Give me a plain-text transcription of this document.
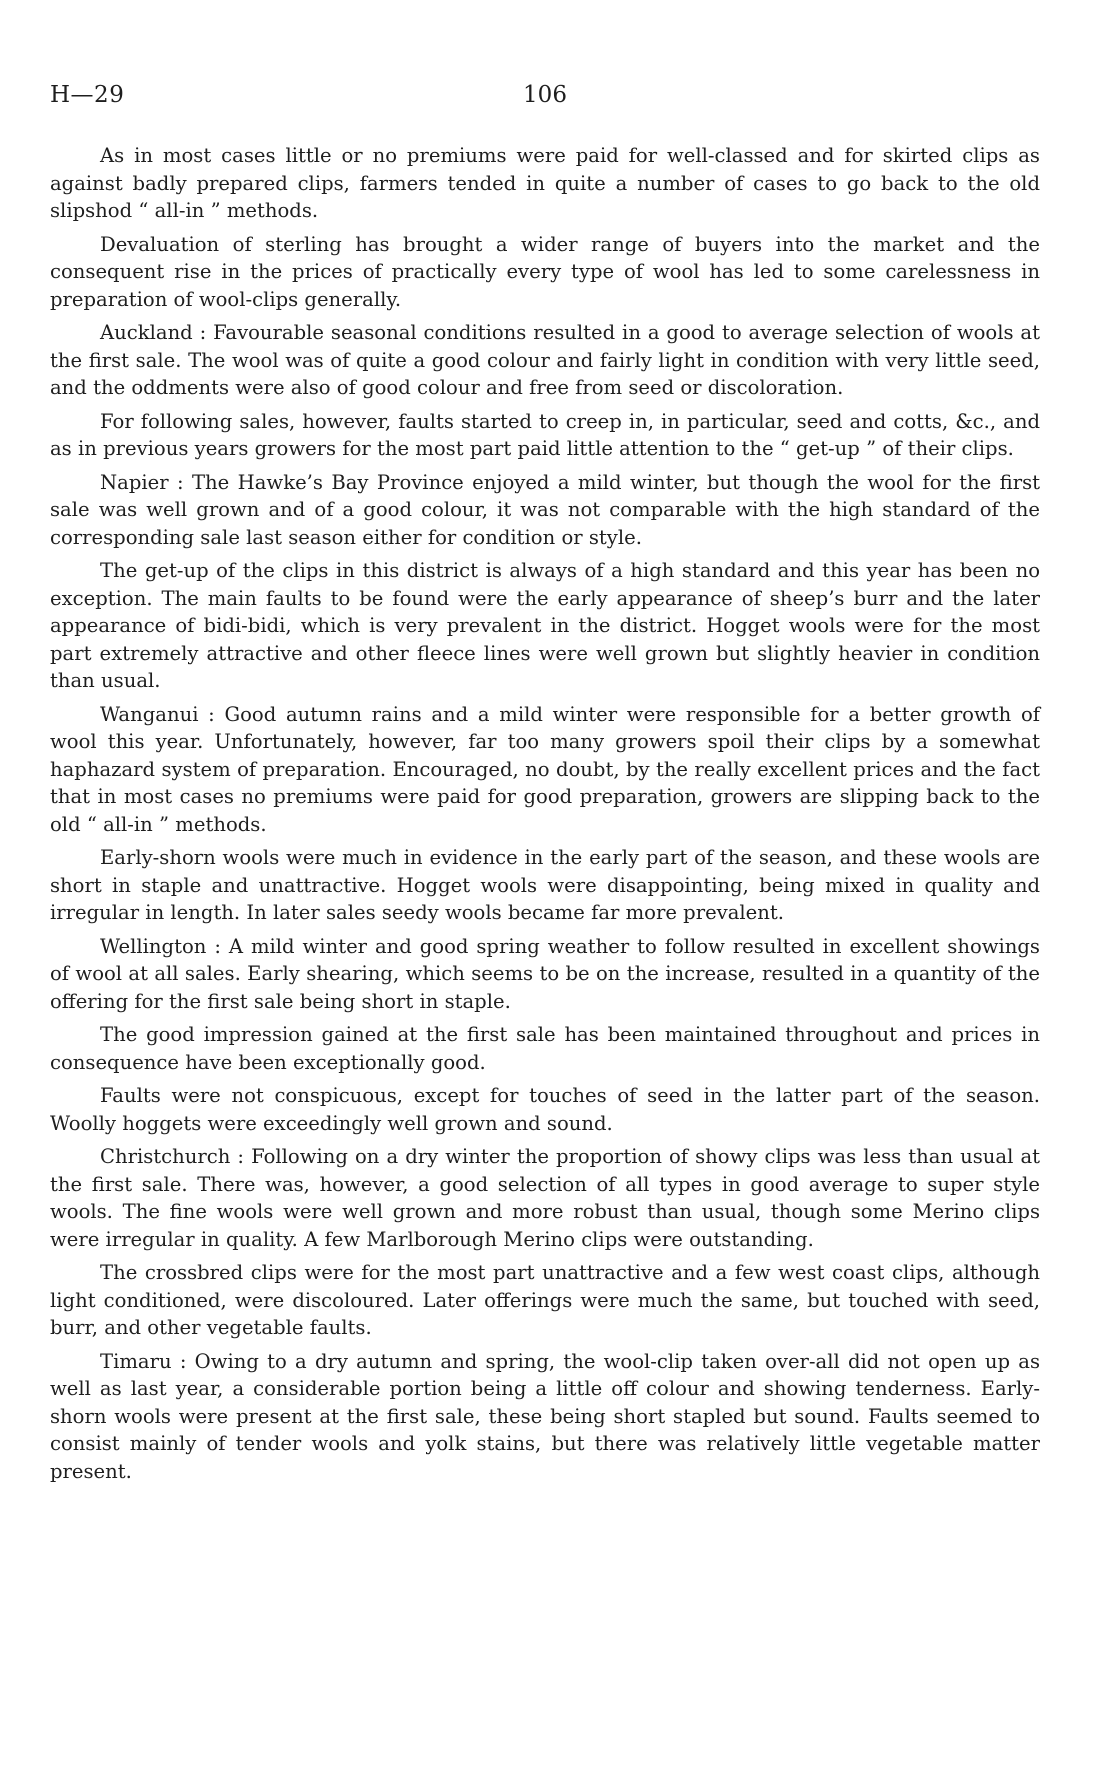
H—29	106

As in most cases little or no premiums were paid for well-classed and for skirted clips as against badly prepared clips, farmers tended in quite a number of cases to go back to the old slipshod “ all-in ” methods.

Devaluation of sterling has brought a wider range of buyers into the market and the consequent rise in the prices of practically every type of wool has led to some carelessness in preparation of wool-clips generally.

Auckland : Favourable seasonal conditions resulted in a good to average selection of wools at the first sale. The wool was of quite a good colour and fairly light in condition with very little seed, and the oddments were also of good colour and free from seed or discoloration.

For following sales, however, faults started to creep in, in particular, seed and cotts, &c., and as in previous years growers for the most part paid little attention to the “ get-up ” of their clips.

Napier : The Hawke’s Bay Province enjoyed a mild winter, but though the wool for the first sale was well grown and of a good colour, it was not comparable with the high standard of the corresponding sale last season either for condition or style.

The get-up of the clips in this district is always of a high standard and this year has been no exception. The main faults to be found were the early appearance of sheep’s burr and the later appearance of bidi-bidi, which is very prevalent in the district. Hogget wools were for the most part extremely attractive and other fleece lines were well grown but slightly heavier in condition than usual.

Wanganui : Good autumn rains and a mild winter were responsible for a better growth of wool this year. Unfortunately, however, far too many growers spoil their clips by a somewhat haphazard system of preparation. Encouraged, no doubt, by the really excellent prices and the fact that in most cases no premiums were paid for good preparation, growers are slipping back to the old “ all-in ” methods.

Early-shorn wools were much in evidence in the early part of the season, and these wools are short in staple and unattractive. Hogget wools were disappointing, being mixed in quality and irregular in length. In later sales seedy wools became far more prevalent.

Wellington : A mild winter and good spring weather to follow resulted in excellent showings of wool at all sales. Early shearing, which seems to be on the increase, resulted in a quantity of the offering for the first sale being short in staple.

The good impression gained at the first sale has been maintained throughout and prices in consequence have been exceptionally good.

Faults were not conspicuous, except for touches of seed in the latter part of the season. Woolly hoggets were exceedingly well grown and sound.

Christchurch : Following on a dry winter the proportion of showy clips was less than usual at the first sale. There was, however, a good selection of all types in good average to super style wools. The fine wools were well grown and more robust than usual, though some Merino clips were irregular in quality. A few Marlborough Merino clips were outstanding.

The crossbred clips were for the most part unattractive and a few west coast clips, although light conditioned, were discoloured. Later offerings were much the same, but touched with seed, burr, and other vegetable faults.

Timaru : Owing to a dry autumn and spring, the wool-clip taken over-all did not open up as well as last year, a considerable portion being a little off colour and showing tenderness. Early-shorn wools were present at the first sale, these being short stapled but sound. Faults seemed to consist mainly of tender wools and yolk stains, but there was relatively little vegetable matter present.
